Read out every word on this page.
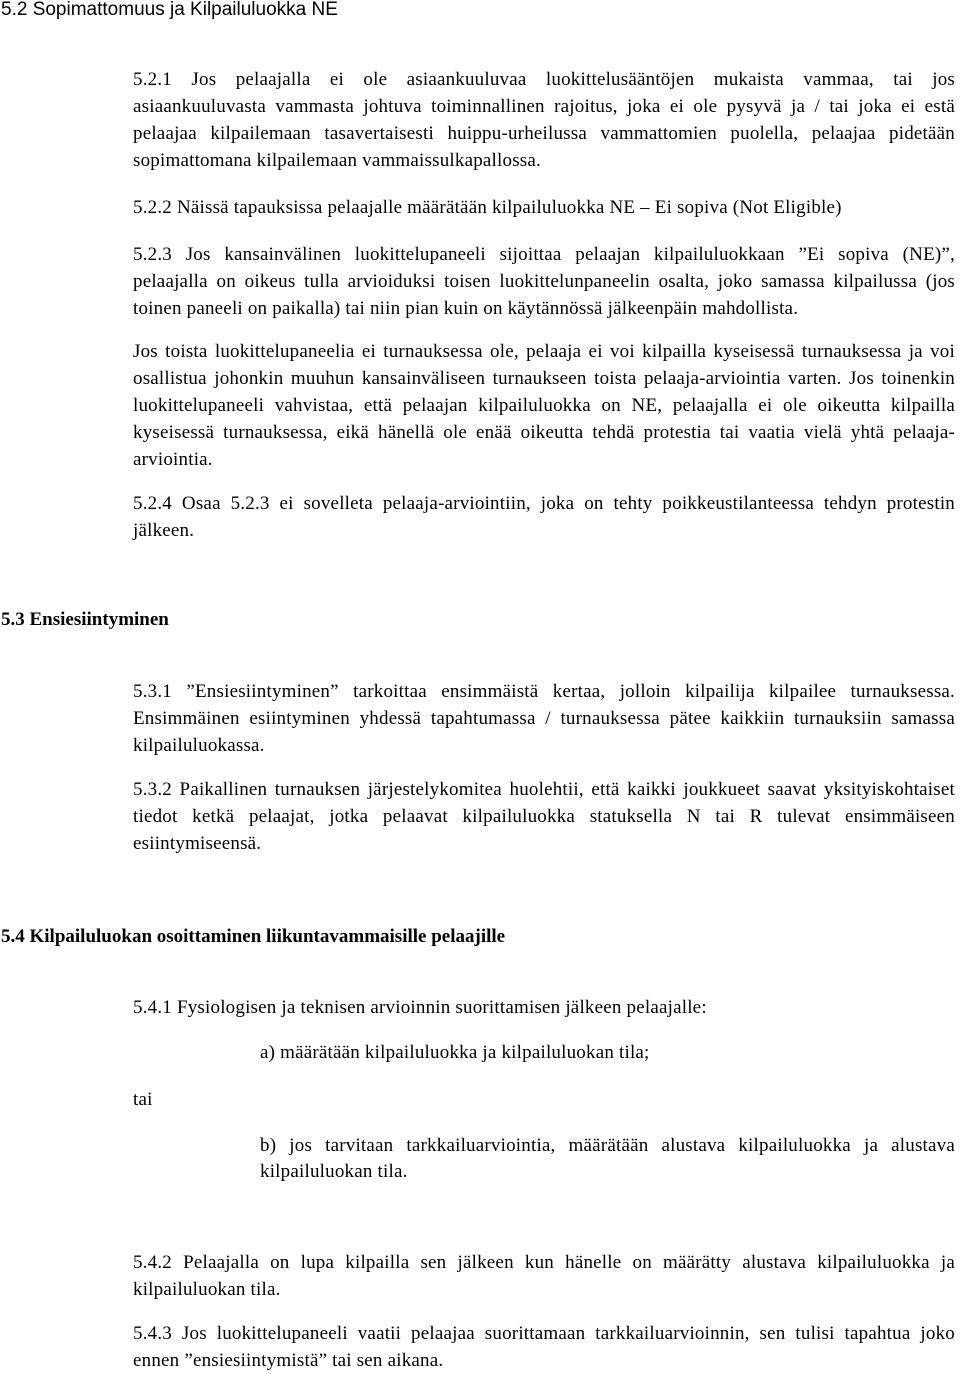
5.2 Sopimattomuus ja Kilpailuluokka NE
5.2.1 Jos pelaajalla ei ole asiaankuuluvaa luokittelusääntöjen mukaista vammaa, tai jos
asiaankuuluvasta vammasta johtuva toiminnallinen rajoitus, joka ei ole pysyvä ja / tai joka ei estä
pelaajaa kilpailemaan tasavertaisesti huippu-urheilussa vammattomien puolella, pelaajaa pidetään
sopimattomana kilpailemaan vammaissulkapallossa.
5.2.2 Näissä tapauksissa pelaajalle määrätään kilpailuluokka NE – Ei sopiva (Not Eligible)
5.2.3 Jos kansainvälinen luokittelupaneeli sijoittaa pelaajan kilpailuluokkaan ”Ei sopiva (NE)”,
pelaajalla on oikeus tulla arvioiduksi toisen luokittelunpaneelin osalta, joko samassa kilpailussa (jos
toinen paneeli on paikalla) tai niin pian kuin on käytännössä jälkeenpäin mahdollista.
Jos toista luokittelupaneelia ei turnauksessa ole, pelaaja ei voi kilpailla kyseisessä turnauksessa ja voi
osallistua johonkin muuhun kansainväliseen turnaukseen toista pelaaja-arviointia varten. Jos toinenkin
luokittelupaneeli vahvistaa, että pelaajan kilpailuluokka on NE, pelaajalla ei ole oikeutta kilpailla
kyseisessä turnauksessa, eikä hänellä ole enää oikeutta tehdä protestia tai vaatia vielä yhtä pelaaja-
arviointia.
5.2.4 Osaa 5.2.3 ei sovelleta pelaaja-arviointiin, joka on tehty poikkeustilanteessa tehdyn protestin
jälkeen.
5.3 Ensiesiintyminen
5.3.1 ”Ensiesiintyminen” tarkoittaa ensimmäistä kertaa, jolloin kilpailija kilpailee turnauksessa.
Ensimmäinen esiintyminen yhdessä tapahtumassa / turnauksessa pätee kaikkiin turnauksiin samassa
kilpailuluokassa.
5.3.2 Paikallinen turnauksen järjestelykomitea huolehtii, että kaikki joukkueet saavat yksityiskohtaiset
tiedot ketkä pelaajat, jotka pelaavat kilpailuluokka statuksella N tai R tulevat ensimmäiseen
esiintymiseensä.
5.4 Kilpailuluokan osoittaminen liikuntavammaisille pelaajille
5.4.1 Fysiologisen ja teknisen arvioinnin suorittamisen jälkeen pelaajalle:
a) määrätään kilpailuluokka ja kilpailuluokan tila;
tai
b) jos tarvitaan tarkkailuarviointia, määrätään alustava kilpailuluokka ja alustava
kilpailuluokan tila.
5.4.2 Pelaajalla on lupa kilpailla sen jälkeen kun hänelle on määrätty alustava kilpailuluokka ja
kilpailuluokan tila.
5.4.3 Jos luokittelupaneeli vaatii pelaajaa suorittamaan tarkkailuarvioinnin, sen tulisi tapahtua joko
ennen ”ensiesiintymistä” tai sen aikana.
